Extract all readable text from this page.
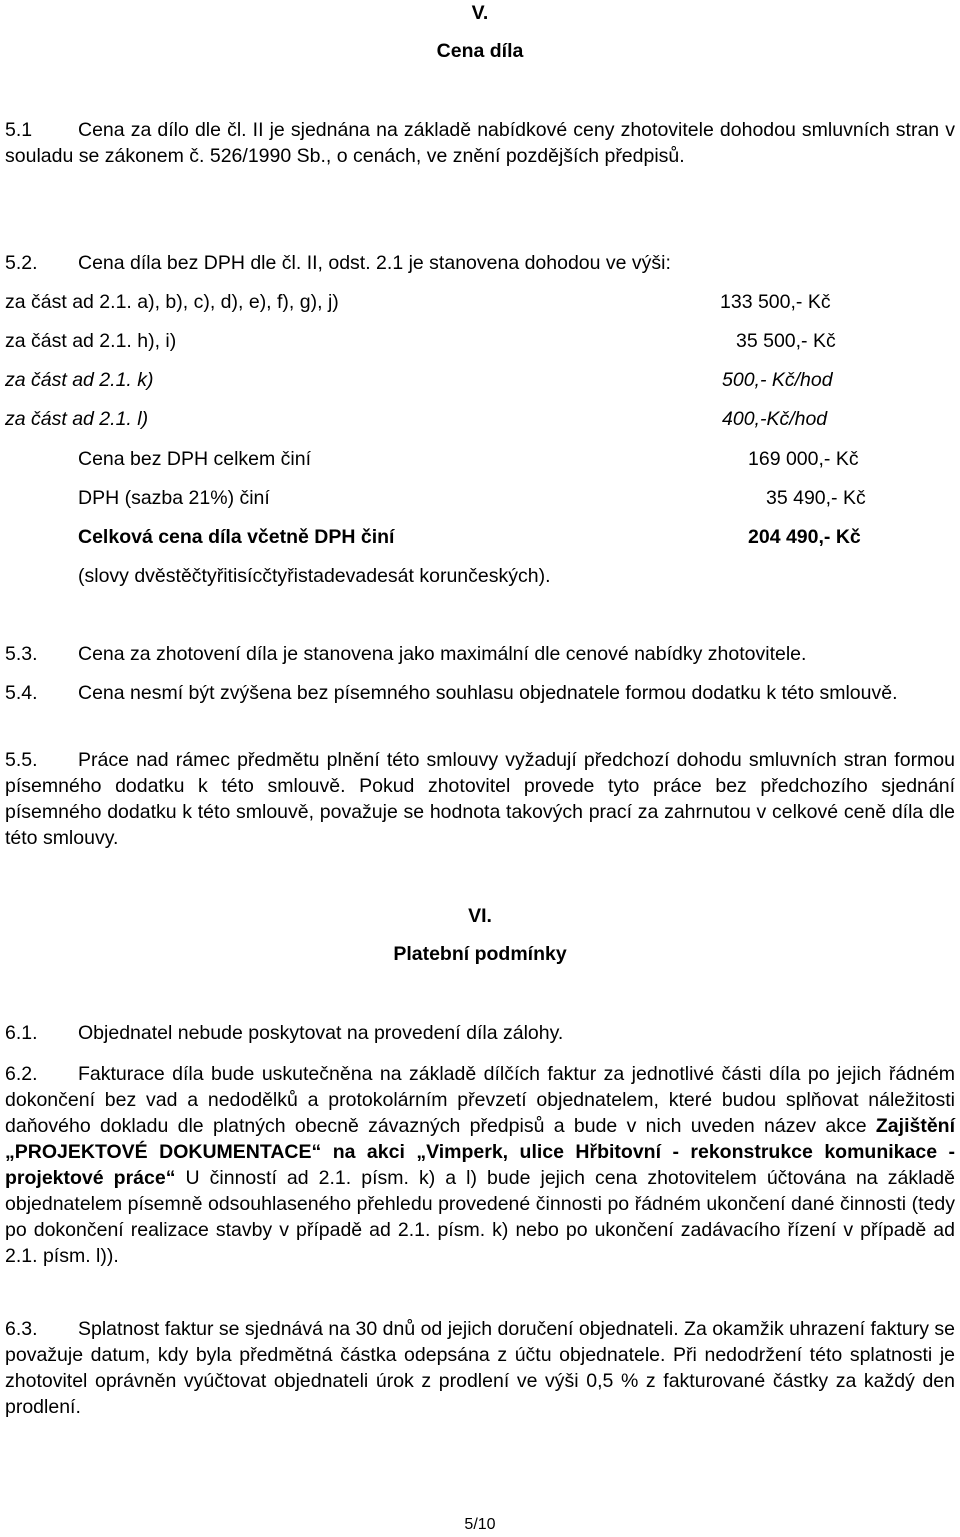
V.
Cena díla
5.1 Cena za dílo dle čl. II je sjednána na základě nabídkové ceny zhotovitele dohodou smluvních stran v souladu se zákonem č. 526/1990 Sb., o cenách, ve znění pozdějších předpisů.
5.2. Cena díla bez DPH dle čl. II, odst. 2.1 je stanovena dohodou ve výši:
za část ad 2.1. a), b), c), d), e), f), g), j)	133 500,- Kč
za část ad 2.1. h), i)	35 500,- Kč
za část ad 2.1. k)	500,- Kč/hod
za část ad 2.1. l)	400,-Kč/hod
Cena bez DPH celkem činí	169 000,- Kč
DPH (sazba 21%) činí	35 490,- Kč
Celková cena díla včetně DPH činí	204 490,- Kč
(slovy dvěstěčtyřitisícčtyřistadevadesát korunčeských).
5.3. Cena za zhotovení díla je stanovena jako maximální dle cenové nabídky zhotovitele.
5.4. Cena nesmí být zvýšena bez písemného souhlasu objednatele formou dodatku k této smlouvě.
5.5. Práce nad rámec předmětu plnění této smlouvy vyžadují předchozí dohodu smluvních stran formou písemného dodatku k této smlouvě. Pokud zhotovitel provede tyto práce bez předchozího sjednání písemného dodatku k této smlouvě, považuje se hodnota takových prací za zahrnutou v celkové ceně díla dle této smlouvy.
VI.
Platební podmínky
6.1. Objednatel nebude poskytovat na provedení díla zálohy.
6.2. Fakturace díla bude uskutečněna na základě dílčích faktur za jednotlivé části díla po jejich řádném dokončení bez vad a nedodělků a protokolárním převzetí objednatelem, které budou splňovat náležitosti daňového dokladu dle platných obecně závazných předpisů a bude v nich uveden název akce Zajištění „PROJEKTOVÉ DOKUMENTACE“ na akci „Vimperk, ulice Hřbitovní - rekonstrukce komunikace - projektové práce“ U činností ad 2.1. písm. k) a l) bude jejich cena zhotovitelem účtována na základě objednatelem písemně odsouhlaseného přehledu provedené činnosti po řádném ukončení dané činnosti (tedy po dokončení realizace stavby v případě ad 2.1. písm. k) nebo po ukončení zadávacího řízení v případě ad 2.1. písm. l)).
6.3. Splatnost faktur se sjednává na 30 dnů od jejich doručení objednateli. Za okamžik uhrazení faktury se považuje datum, kdy byla předmětná částka odepsána z účtu objednatele. Při nedodržení této splatnosti je zhotovitel oprávněn vyúčtovat objednateli úrok z prodlení ve výši 0,5 % z fakturované částky za každý den prodlení.
5/10
